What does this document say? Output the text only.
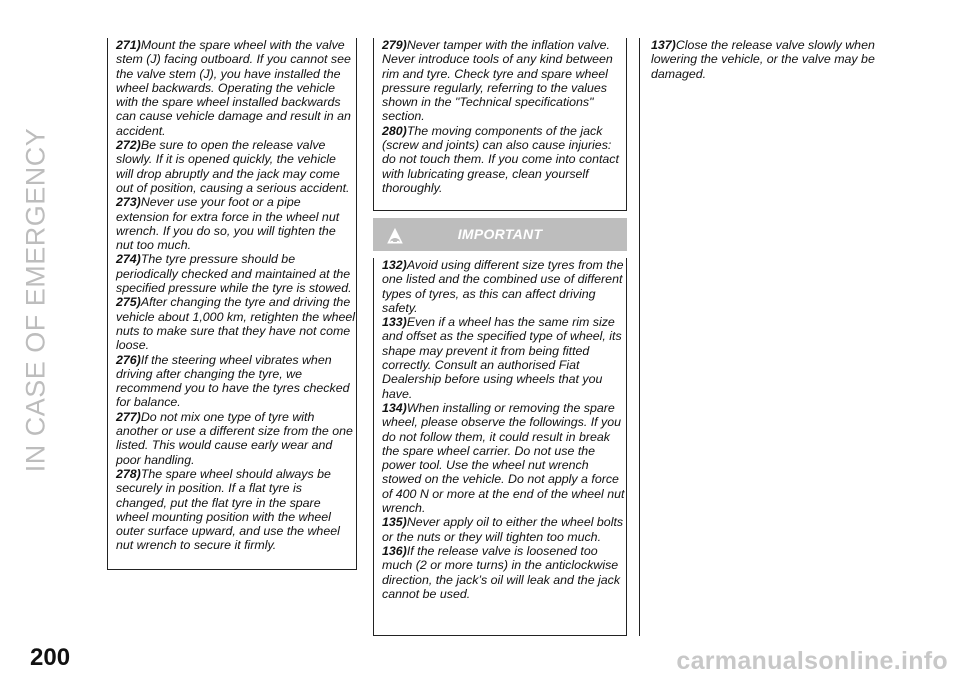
IN CASE OF EMERGENCY

271)Mount the spare wheel with the valve stem (J) facing outboard. If you cannot see the valve stem (J), you have installed the wheel backwards. Operating the vehicle with the spare wheel installed backwards can cause vehicle damage and result in an accident.

272)Be sure to open the release valve slowly. If it is opened quickly, the vehicle will drop abruptly and the jack may come out of position, causing a serious accident.

273)Never use your foot or a pipe extension for extra force in the wheel nut wrench. If you do so, you will tighten the nut too much.

274)The tyre pressure should be periodically checked and maintained at the specified pressure while the tyre is stowed.

275)After changing the tyre and driving the vehicle about 1,000 km, retighten the wheel nuts to make sure that they have not come loose.

276)If the steering wheel vibrates when driving after changing the tyre, we recommend you to have the tyres checked for balance.

277)Do not mix one type of tyre with another or use a different size from the one listed. This would cause early wear and poor handling.

278)The spare wheel should always be securely in position. If a flat tyre is changed, put the flat tyre in the spare wheel mounting position with the wheel outer surface upward, and use the wheel nut wrench to secure it firmly.

279)Never tamper with the inflation valve. Never introduce tools of any kind between rim and tyre. Check tyre and spare wheel pressure regularly, referring to the values shown in the "Technical specifications" section.

280)The moving components of the jack (screw and joints) can also cause injuries: do not touch them. If you come into contact with lubricating grease, clean yourself thoroughly.

IMPORTANT

132)Avoid using different size tyres from the one listed and the combined use of different types of tyres, as this can affect driving safety.

133)Even if a wheel has the same rim size and offset as the specified type of wheel, its shape may prevent it from being fitted correctly. Consult an authorised Fiat Dealership before using wheels that you have.

134)When installing or removing the spare wheel, please observe the followings. If you do not follow them, it could result in break the spare wheel carrier. Do not use the power tool. Use the wheel nut wrench stowed on the vehicle. Do not apply a force of 400 N or more at the end of the wheel nut wrench.

135)Never apply oil to either the wheel bolts or the nuts or they will tighten too much.

136)If the release valve is loosened too much (2 or more turns) in the anticlockwise direction, the jack’s oil will leak and the jack cannot be used.

137)Close the release valve slowly when lowering the vehicle, or the valve may be damaged.

200	carmanualsonline.info
